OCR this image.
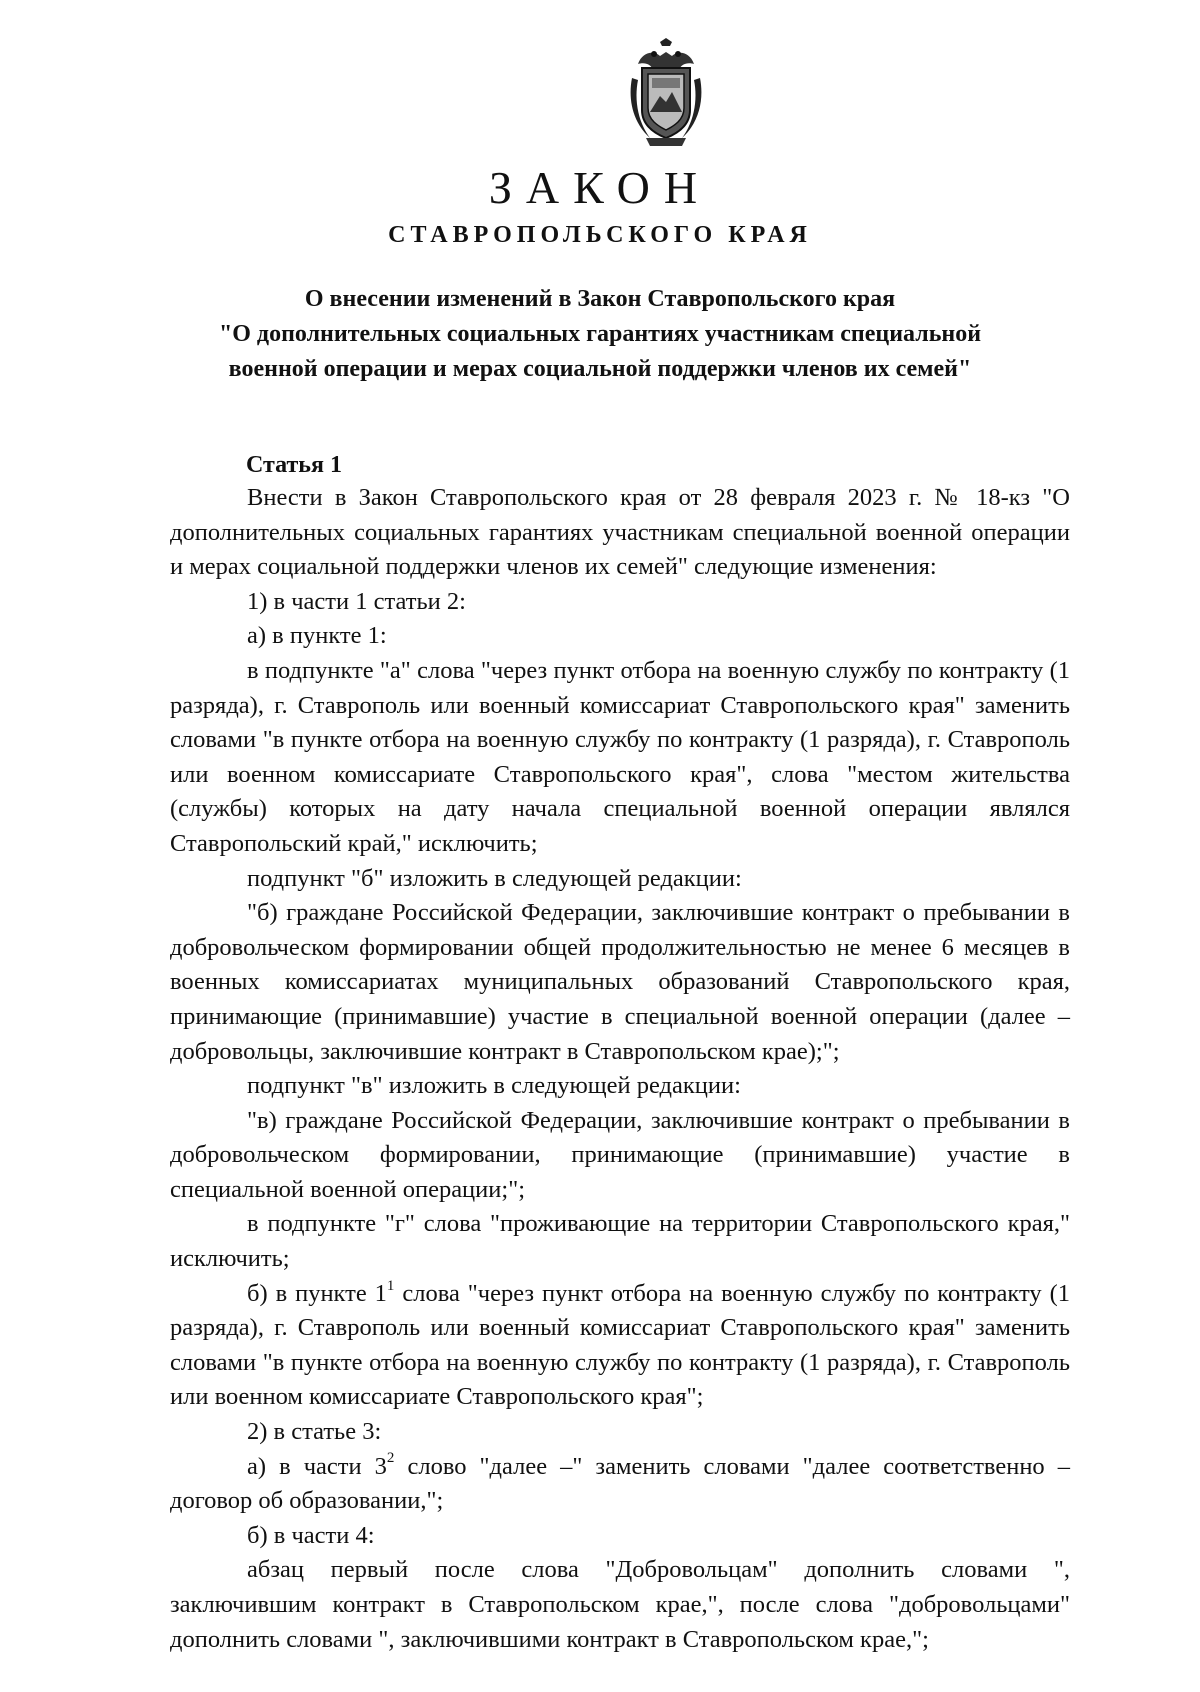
ЗАКОН
СТАВРОПОЛЬСКОГО КРАЯ
О внесении изменений в Закон Ставропольского края
"О дополнительных социальных гарантиях участникам специальной
военной операции и мерах социальной поддержки членов их семей"
Статья 1

Внести в Закон Ставропольского края от 28 февраля 2023 г. № 18-кз "О дополнительных социальных гарантиях участникам специальной военной операции и мерах социальной поддержки членов их семей" следующие изменения:

1) в части 1 статьи 2:

а) в пункте 1:

в подпункте "а" слова "через пункт отбора на военную службу по контракту (1 разряда), г. Ставрополь или военный комиссариат Ставропольского края" заменить словами "в пункте отбора на военную службу по контракту (1 разряда), г. Ставрополь или военном комиссариате Ставропольского края", слова "местом жительства (службы) которых на дату начала специальной военной операции являлся Ставропольский край," исключить;

подпункт "б" изложить в следующей редакции:

"б) граждане Российской Федерации, заключившие контракт о пребывании в добровольческом формировании общей продолжительностью не менее 6 месяцев в военных комиссариатах муниципальных образований Ставропольского края, принимающие (принимавшие) участие в специальной военной операции (далее – добровольцы, заключившие контракт в Ставропольском крае);";

подпункт "в" изложить в следующей редакции:

"в) граждане Российской Федерации, заключившие контракт о пребывании в добровольческом формировании, принимающие (принимавшие) участие в специальной военной операции;";

в подпункте "г" слова "проживающие на территории Ставропольского края," исключить;

б) в пункте $1^1$ слова "через пункт отбора на военную службу по контракту (1 разряда), г. Ставрополь или военный комиссариат Ставропольского края" заменить словами "в пункте отбора на военную службу по контракту (1 разряда), г. Ставрополь или военном комиссариате Ставропольского края";

2) в статье 3:

а) в части $3^2$ слово "далее –" заменить словами "далее соответственно – договор об образовании,";

б) в части 4:

абзац первый после слова "Добровольцам" дополнить словами ", заключившим контракт в Ставропольском крае,", после слова "добровольцами" дополнить словами ", заключившими контракт в Ставропольском крае,";
